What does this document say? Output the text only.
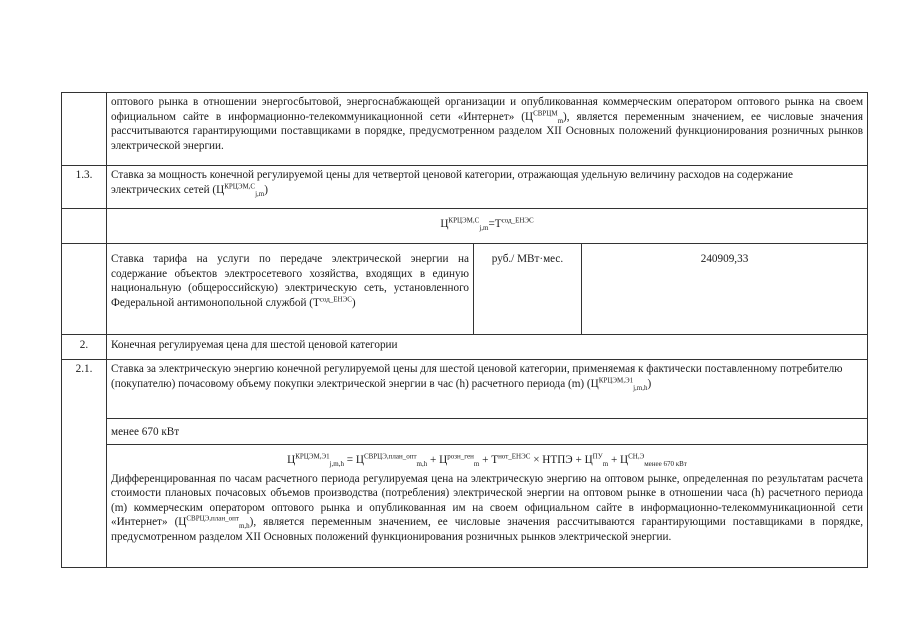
	оптового рынка в отношении энергосбытовой, энергоснабжающей организации и опубликованная коммерческим оператором оптового рынка на своем официальном сайте в информационно-телекоммуникационной сети «Интернет» $(Ц^{СВРЦМ}_m)$, является переменным значением, ее числовые значения рассчитываются гарантирующими поставщиками в порядке, предусмотренном разделом XII Основных положений функционирования розничных рынков электрической энергии.		
1.3.	Ставка за мощность конечной регулируемой цены для четвертой ценовой категории, отражающая удельную величину расходов на содержание электрических сетей $(Ц^{КРЦЭМ,С}_{j,m})$		
	$Ц^{КРЦЭМ,С}_{j,m}=Т^{сод\_ЕНЭС}$
	Ставка тарифа на услуги по передаче электрической энергии на содержание объектов электросетевого хозяйства, входящих в единую национальную (общероссийскую) электрическую сеть, установленного Федеральной антимонопольной службой $(Т^{сод\_ЕНЭС})$	руб./ МВт·мес.	240909,33
2.	Конечная регулируемая цена для шестой ценовой категории		
2.1.	Ставка за электрическую энергию конечной регулируемой цены для шестой ценовой категории, применяемая к фактически поставленному потребителю (покупателю) почасовому объему покупки электрической энергии в час (h) расчетного периода (m) $(Ц^{КРЦЭМ,Э1}_{j,m,h})$		
	менее 670 кВт		

	$Ц^{КРЦЭМ,Э1}_{j,m,h} = Ц^{СВРЦЭ,план\_опт}_{m,h} + Ц^{розн\_ген}_m + Т^{нот\_ЕНЭС}$ × НТПЭ + $Ц^{ПУ}_m + Ц^{СН,Э}_{менее 670 кВт}$
Дифференцированная по часам расчетного периода регулируемая цена на электрическую энергию на оптовом рынке, определенная по результатам расчета стоимости плановых почасовых объемов производства (потребления) электрической энергии на оптовом рынке в отношении часа (h) расчетного периода (m) коммерческим оператором оптового рынка и опубликованная им на своем официальном сайте в информационно-телекоммуникационной сети «Интернет» $(Ц^{СВРЦЭ,план\_опт}_{m,h})$, является переменным значением, ее числовые значения рассчитываются гарантирующими поставщиками в порядке, предусмотренном разделом XII Основных положений функционирования розничных рынков электрической энергии.		
